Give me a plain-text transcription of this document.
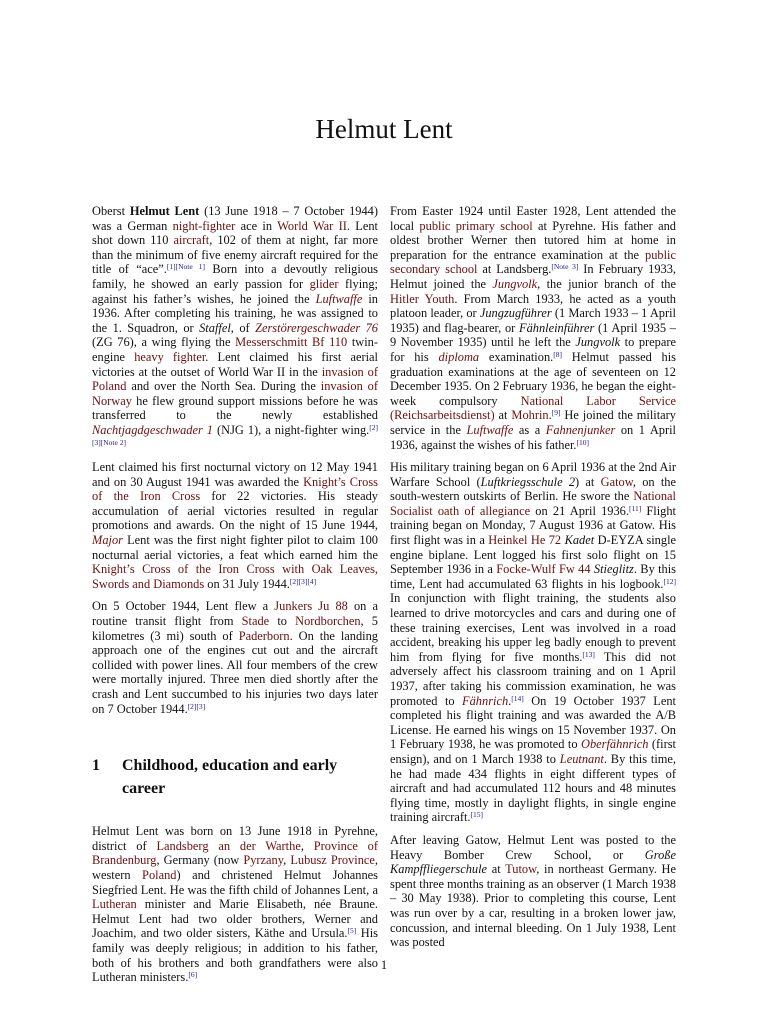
Helmut Lent

Oberst Helmut Lent (13 June 1918 – 7 October 1944) was a German night-fighter ace in World War II. Lent shot down 110 aircraft, 102 of them at night, far more than the minimum of five enemy aircraft required for the title of “ace”.[1][Note 1] Born into a devoutly religious family, he showed an early passion for glider flying; against his father’s wishes, he joined the Luftwaffe in 1936. After completing his training, he was assigned to the 1. Squadron, or Staffel, of Zerstörergeschwader 76 (ZG 76), a wing flying the Messerschmitt Bf 110 twin-engine heavy fighter. Lent claimed his first aerial victories at the outset of World War II in the invasion of Poland and over the North Sea. During the invasion of Norway he flew ground support missions before he was transferred to the newly established Nachtjagdgeschwader 1 (NJG 1), a night-fighter wing.[2][3][Note 2]

Lent claimed his first nocturnal victory on 12 May 1941 and on 30 August 1941 was awarded the Knight’s Cross of the Iron Cross for 22 victories. His steady accumulation of aerial victories resulted in regular promotions and awards. On the night of 15 June 1944, Major Lent was the first night fighter pilot to claim 100 nocturnal aerial victories, a feat which earned him the Knight’s Cross of the Iron Cross with Oak Leaves, Swords and Diamonds on 31 July 1944.[2][3][4]

On 5 October 1944, Lent flew a Junkers Ju 88 on a routine transit flight from Stade to Nordborchen, 5 kilometres (3 mi) south of Paderborn. On the landing approach one of the engines cut out and the aircraft collided with power lines. All four members of the crew were mortally injured. Three men died shortly after the crash and Lent succumbed to his injuries two days later on 7 October 1944.[2][3]

1	Childhood, education and early career

Helmut Lent was born on 13 June 1918 in Pyrehne, district of Landsberg an der Warthe, Province of Brandenburg, Germany (now Pyrzany, Lubusz Province, western Poland) and christened Helmut Johannes Siegfried Lent. He was the fifth child of Johannes Lent, a Lutheran minister and Marie Elisabeth, née Braune. Helmut Lent had two older brothers, Werner and Joachim, and two older sisters, Käthe and Ursula.[5] His family was deeply religious; in addition to his father, both of his brothers and both grandfathers were also Lutheran ministers.[6]

From Easter 1924 until Easter 1928, Lent attended the local public primary school at Pyrehne. His father and oldest brother Werner then tutored him at home in preparation for the entrance examination at the public secondary school at Landsberg.[Note 3] In February 1933, Helmut joined the Jungvolk, the junior branch of the Hitler Youth. From March 1933, he acted as a youth platoon leader, or Jungzugführer (1 March 1933 – 1 April 1935) and flag-bearer, or Fähnleinführer (1 April 1935 – 9 November 1935) until he left the Jungvolk to prepare for his diploma examination.[8] Helmut passed his graduation examinations at the age of seventeen on 12 December 1935. On 2 February 1936, he began the eight-week compulsory National Labor Service (Reichsarbeitsdienst) at Mohrin.[9] He joined the military service in the Luftwaffe as a Fahnenjunker on 1 April 1936, against the wishes of his father.[10]

His military training began on 6 April 1936 at the 2nd Air Warfare School (Luftkriegsschule 2) at Gatow, on the south-western outskirts of Berlin. He swore the National Socialist oath of allegiance on 21 April 1936.[11] Flight training began on Monday, 7 August 1936 at Gatow. His first flight was in a Heinkel He 72 Kadet D-EYZA single engine biplane. Lent logged his first solo flight on 15 September 1936 in a Focke-Wulf Fw 44 Stieglitz. By this time, Lent had accumulated 63 flights in his logbook.[12] In conjunction with flight training, the students also learned to drive motorcycles and cars and during one of these training exercises, Lent was involved in a road accident, breaking his upper leg badly enough to prevent him from flying for five months.[13] This did not adversely affect his classroom training and on 1 April 1937, after taking his commission examination, he was promoted to Fähnrich.[14] On 19 October 1937 Lent completed his flight training and was awarded the A/B License. He earned his wings on 15 November 1937. On 1 February 1938, he was promoted to Oberfähnrich (first ensign), and on 1 March 1938 to Leutnant. By this time, he had made 434 flights in eight different types of aircraft and had accumulated 112 hours and 48 minutes flying time, mostly in daylight flights, in single engine training aircraft.[15]

After leaving Gatow, Helmut Lent was posted to the Heavy Bomber Crew School, or Große Kampffliegerschule at Tutow, in northeast Germany. He spent three months training as an observer (1 March 1938 – 30 May 1938). Prior to completing this course, Lent was run over by a car, resulting in a broken lower jaw, concussion, and internal bleeding. On 1 July 1938, Lent was posted

1
